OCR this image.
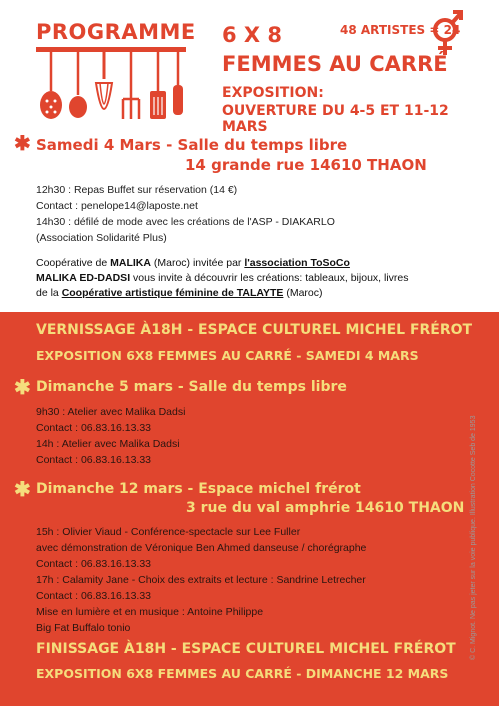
PROGRAMME 6 X 8	48 ARTISTES = 24
FEMMES AU CARRÉ
EXPOSITION:
OUVERTURE DU 4-5 ET 11-12 MARS
✱ Samedi 4 Mars - Salle du temps libre
14 grande rue 14610 THAON
12h30 : Repas Buffet sur réservation (14 €)
Contact : penelope14@laposte.net
14h30 : défilé de mode avec les créations de l'ASP - DIAKARLO
(Association Solidarité Plus)
Coopérative de MALIKA (Maroc) invitée par l'association ToSoCo
MALIKA ED-DADSI vous invite à découvrir les créations: tableaux, bijoux, livres
de la Coopérative artistique féminine de TALAYTE (Maroc)
VERNISSAGE À18H - ESPACE CULTUREL MICHEL FRÉROT
EXPOSITION 6X8 FEMMES AU CARRÉ - SAMEDI 4 MARS
✱ Dimanche 5 mars - Salle du temps libre
9h30 : Atelier avec Malika Dadsi
Contact : 06.83.16.13.33
14h : Atelier avec Malika Dadsi
Contact : 06.83.16.13.33
✱ Dimanche 12 mars - Espace michel frérot
3 rue du val amphrie 14610 THAON
15h : Olivier Viaud - Conférence-spectacle sur Lee Fuller
avec démonstration de Véronique Ben Ahmed danseuse / chorégraphe
Contact : 06.83.16.13.33
17h : Calamity Jane - Choix des extraits et lecture : Sandrine Letrecher
Contact : 06.83.16.13.33
Mise en lumière et en musique : Antoine Philippe
Big Fat Buffalo tonio
FINISSAGE À18H - ESPACE CULTUREL MICHEL FRÉROT
EXPOSITION 6X8 FEMMES AU CARRÉ - DIMANCHE 12 MARS
© C. Mignot. Ne pas jeter sur la voie publique. Illustration Cocotte Seb de 1953
